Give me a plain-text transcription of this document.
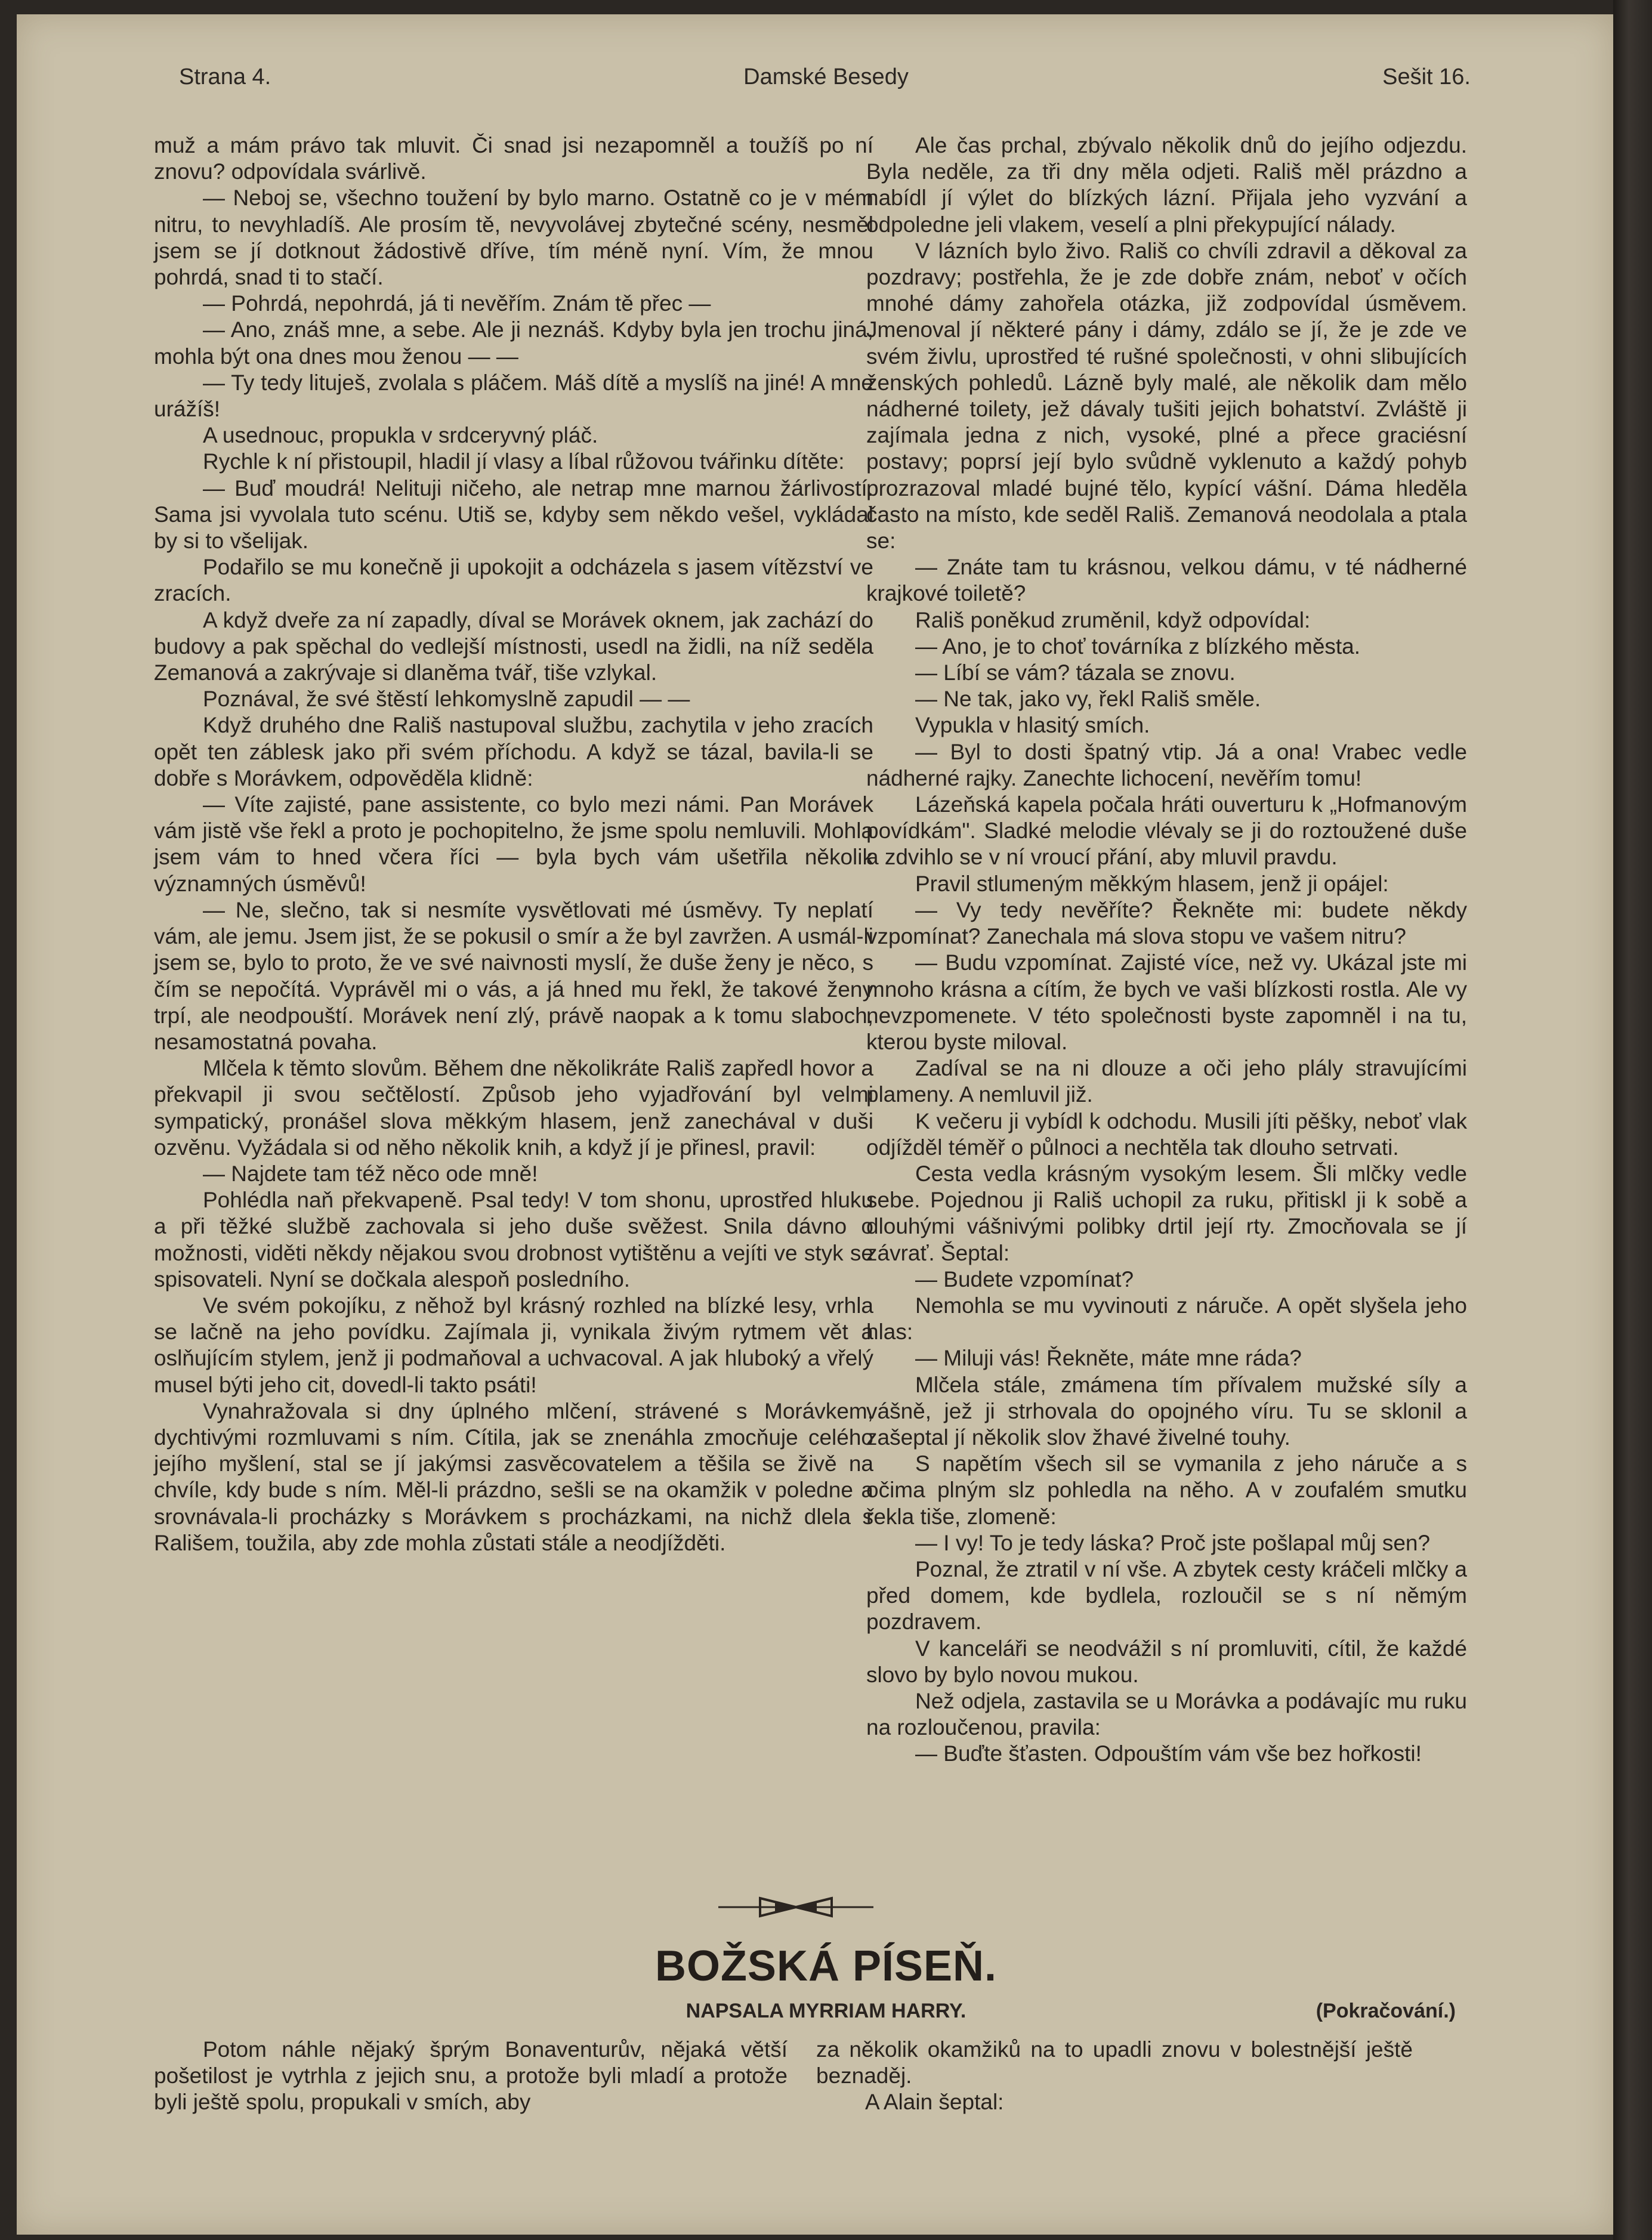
Strana 4.	Damské Besedy	Sešit 16.

muž a mám právo tak mluvit. Či snad jsi nezapomněl a toužíš po ní znovu? odpovídala svárlivě.

— Neboj se, všechno toužení by bylo marno. Ostatně co je v mém nitru, to nevyhladíš. Ale prosím tě, nevyvolávej zbytečné scény, nesměl jsem se jí dotknout žádostivě dříve, tím méně nyní. Vím, že mnou pohrdá, snad ti to stačí.

— Pohrdá, nepohrdá, já ti nevěřím. Znám tě přec —

— Ano, znáš mne, a sebe. Ale ji neznáš. Kdyby byla jen trochu jiná, mohla být ona dnes mou ženou — —

— Ty tedy lituješ, zvolala s pláčem. Máš dítě a myslíš na jiné! A mne urážíš!

A usednouc, propukla v srdceryvný pláč.

Rychle k ní přistoupil, hladil jí vlasy a líbal růžovou tvářinku dítěte:

— Buď moudrá! Nelituji ničeho, ale netrap mne marnou žárlivostí. Sama jsi vyvolala tuto scénu. Utiš se, kdyby sem někdo vešel, vykládal by si to všelijak.

Podařilo se mu konečně ji upokojit a odcházela s jasem vítězství ve zracích.

A když dveře za ní zapadly, díval se Morávek oknem, jak zachází do budovy a pak spěchal do vedlejší místnosti, usedl na židli, na níž seděla Zemanová a zakrývaje si dlaněma tvář, tiše vzlykal.

Poznával, že své štěstí lehkomyslně zapudil — —

Když druhého dne Rališ nastupoval službu, zachytila v jeho zracích opět ten záblesk jako při svém příchodu. A když se tázal, bavila-li se dobře s Morávkem, odpověděla klidně:

— Víte zajisté, pane assistente, co bylo mezi námi. Pan Morávek vám jistě vše řekl a proto je pochopitelno, že jsme spolu nemluvili. Mohla jsem vám to hned včera říci — byla bych vám ušetřila několik významných úsměvů!

— Ne, slečno, tak si nesmíte vysvětlovati mé úsměvy. Ty neplatí vám, ale jemu. Jsem jist, že se pokusil o smír a že byl zavržen. A usmál-li jsem se, bylo to proto, že ve své naivnosti myslí, že duše ženy je něco, s čím se nepočítá. Vyprávěl mi o vás, a já hned mu řekl, že takové ženy trpí, ale neodpouští. Morávek není zlý, právě naopak a k tomu slaboch, nesamostatná povaha.

Mlčela k těmto slovům. Během dne několikráte Rališ zapředl hovor a překvapil ji svou sečtělostí. Způsob jeho vyjadřování byl velmi sympatický, pronášel slova měkkým hlasem, jenž zanechával v duši ozvěnu. Vyžádala si od něho několik knih, a když jí je přinesl, pravil:

— Najdete tam též něco ode mně!

Pohlédla naň překvapeně. Psal tedy! V tom shonu, uprostřed hluku a při těžké službě zachovala si jeho duše svěžest. Snila dávno o možnosti, viděti někdy nějakou svou drobnost vytištěnu a vejíti ve styk se spisovateli. Nyní se dočkala alespoň posledního.

Ve svém pokojíku, z něhož byl krásný rozhled na blízké lesy, vrhla se lačně na jeho povídku. Zajímala ji, vynikala živým rytmem vět a oslňujícím stylem, jenž ji podmaňoval a uchvacoval. A jak hluboký a vřelý musel býti jeho cit, dovedl-li takto psáti!

Vynahražovala si dny úplného mlčení, strávené s Morávkem, dychtivými rozmluvami s ním. Cítila, jak se znenáhla zmocňuje celého jejího myšlení, stal se jí jakýmsi zasvěcovatelem a těšila se živě na chvíle, kdy bude s ním. Měl-li prázdno, sešli se na okamžik v poledne a srovnávala-li procházky s Morávkem s procházkami, na nichž dlela s Rališem, toužila, aby zde mohla zůstati stále a neodjížděti.

Ale čas prchal, zbývalo několik dnů do jejího odjezdu. Byla neděle, za tři dny měla odjeti. Rališ měl prázdno a nabídl jí výlet do blízkých lázní. Přijala jeho vyzvání a odpoledne jeli vlakem, veselí a plni překypující nálady.

V lázních bylo živo. Rališ co chvíli zdravil a děkoval za pozdravy; postřehla, že je zde dobře znám, neboť v očích mnohé dámy zahořela otázka, již zodpovídal úsměvem. Jmenoval jí některé pány i dámy, zdálo se jí, že je zde ve svém živlu, uprostřed té rušné společnosti, v ohni slibujících ženských pohledů. Lázně byly malé, ale několik dam mělo nádherné toilety, jež dávaly tušiti jejich bohatství. Zvláště ji zajímala jedna z nich, vysoké, plné a přece graciésní postavy; poprsí její bylo svůdně vyklenuto a každý pohyb prozrazoval mladé bujné tělo, kypící vášní. Dáma hleděla často na místo, kde seděl Rališ. Zemanová neodolala a ptala se:

— Znáte tam tu krásnou, velkou dámu, v té nádherné krajkové toiletě?

Rališ poněkud zruměnil, když odpovídal:

— Ano, je to choť továrníka z blízkého města.

— Líbí se vám? tázala se znovu.

— Ne tak, jako vy, řekl Rališ směle.

Vypukla v hlasitý smích.

— Byl to dosti špatný vtip. Já a ona! Vrabec vedle nádherné rajky. Zanechte lichocení, nevěřím tomu!

Lázeňská kapela počala hráti ouverturu k „Hofmanovým povídkám". Sladké melodie vlévaly se ji do roztoužené duše a zdvihlo se v ní vroucí přání, aby mluvil pravdu.

Pravil stlumeným měkkým hlasem, jenž ji opájel:

— Vy tedy nevěříte? Řekněte mi: budete někdy vzpomínat? Zanechala má slova stopu ve vašem nitru?

— Budu vzpomínat. Zajisté více, než vy. Ukázal jste mi mnoho krásna a cítím, že bych ve vaši blízkosti rostla. Ale vy nevzpomenete. V této společnosti byste zapomněl i na tu, kterou byste miloval.

Zadíval se na ni dlouze a oči jeho plály stravujícími plameny. A nemluvil již.

K večeru ji vybídl k odchodu. Musili jíti pěšky, neboť vlak odjížděl téměř o půlnoci a nechtěla tak dlouho setrvati.

Cesta vedla krásným vysokým lesem. Šli mlčky vedle sebe. Pojednou ji Rališ uchopil za ruku, přitiskl ji k sobě a dlouhými vášnivými polibky drtil její rty. Zmocňovala se jí závrať. Šeptal:

— Budete vzpomínat?

Nemohla se mu vyvinouti z náruče. A opět slyšela jeho hlas:

— Miluji vás! Řekněte, máte mne ráda?

Mlčela stále, zmámena tím přívalem mužské síly a vášně, jež ji strhovala do opojného víru. Tu se sklonil a zašeptal jí několik slov žhavé živelné touhy.

S napětím všech sil se vymanila z jeho náruče a s očima plným slz pohledla na něho. A v zoufalém smutku řekla tiše, zlomeně:

— I vy! To je tedy láska? Proč jste pošlapal můj sen?

Poznal, že ztratil v ní vše. A zbytek cesty kráčeli mlčky a před domem, kde bydlela, rozloučil se s ní němým pozdravem.

V kanceláři se neodvážil s ní promluviti, cítil, že každé slovo by bylo novou mukou.

Než odjela, zastavila se u Morávka a podávajíc mu ruku na rozloučenou, pravila:

— Buďte šťasten. Odpouštím vám vše bez hořkosti!

BOŽSKÁ PÍSEŇ.
NAPSALA MYRRIAM HARRY.	(Pokračování.)

Potom náhle nějaký šprým Bonaventurův, nějaká větší pošetilost je vytrhla z jejich snu, a protože byli mladí a protože byli ještě spolu, propukali v smích, aby

za několik okamžiků na to upadli znovu v bolestnější ještě beznaděj.

A Alain šeptal:
